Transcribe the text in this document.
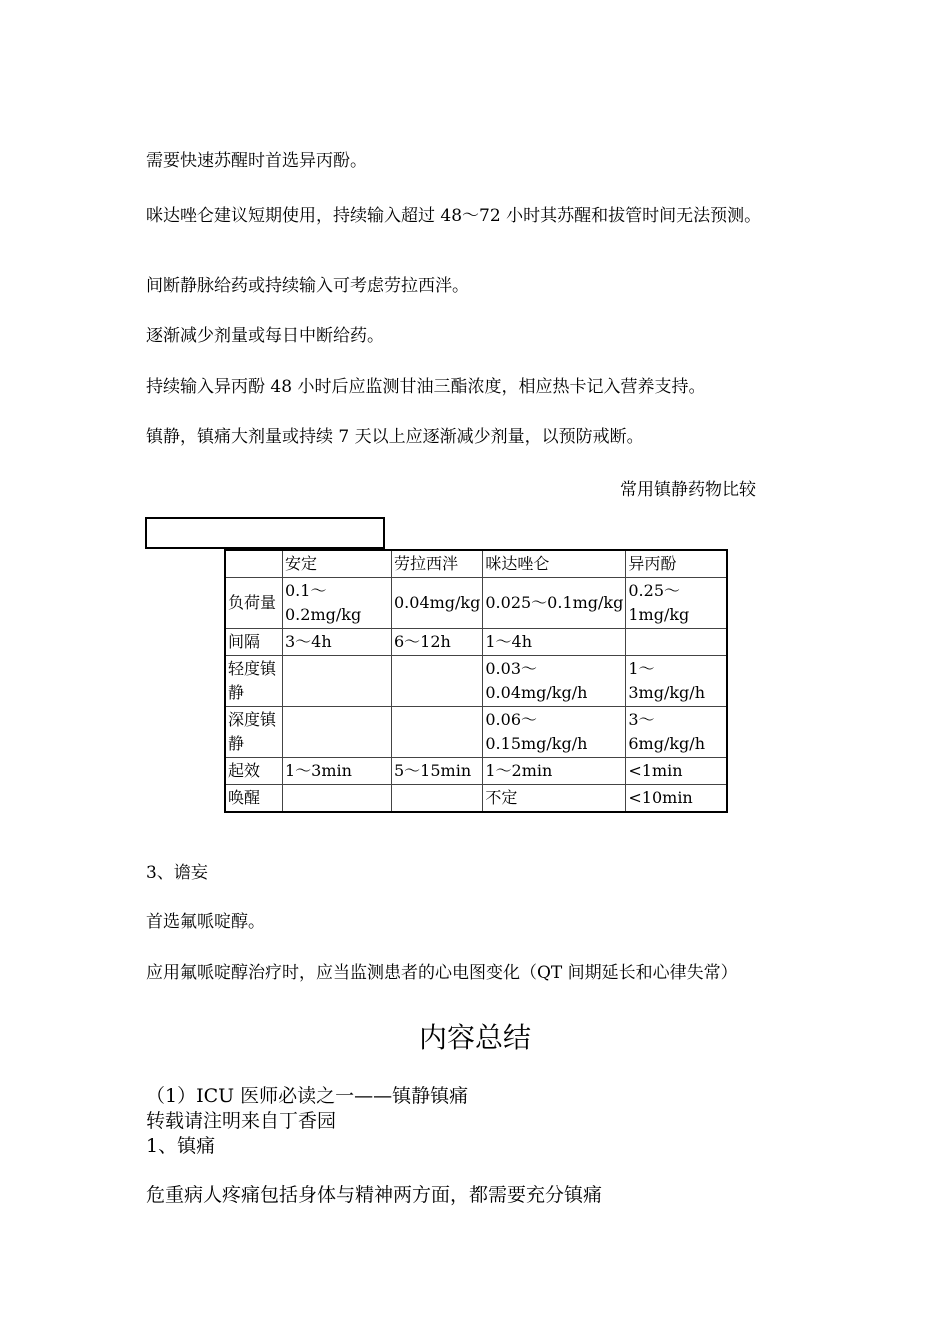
需要快速苏醒时首选异丙酚。

咪达唑仑建议短期使用，持续输入超过 48～72 小时其苏醒和拔管时间无法预测。

间断静脉给药或持续输入可考虑劳拉西泮。

逐渐减少剂量或每日中断给药。

持续输入异丙酚 48 小时后应监测甘油三酯浓度，相应热卡记入营养支持。

镇静，镇痛大剂量或持续 7 天以上应逐渐减少剂量，以预防戒断。

常用镇静药物比较
	安定	劳拉西泮	咪达唑仑	异丙酚
负荷量	0.1～0.2mg/kg	0.04mg/kg	0.025～0.1mg/kg	0.25～1mg/kg
间隔	3～4h	6～12h	1～4h	
轻度镇静			0.03～0.04mg/kg/h	1～3mg/kg/h
深度镇静			0.06～0.15mg/kg/h	3～6mg/kg/h
起效	1～3min	5～15min	1～2min	<1min
唤醒			不定	<10min

3、谵妄

首选氟哌啶醇。

应用氟哌啶醇治疗时，应当监测患者的心电图变化（QT 间期延长和心律失常）

内容总结

（1）ICU 医师必读之一——镇静镇痛

转载请注明来自丁香园

1、镇痛

危重病人疼痛包括身体与精神两方面，都需要充分镇痛
